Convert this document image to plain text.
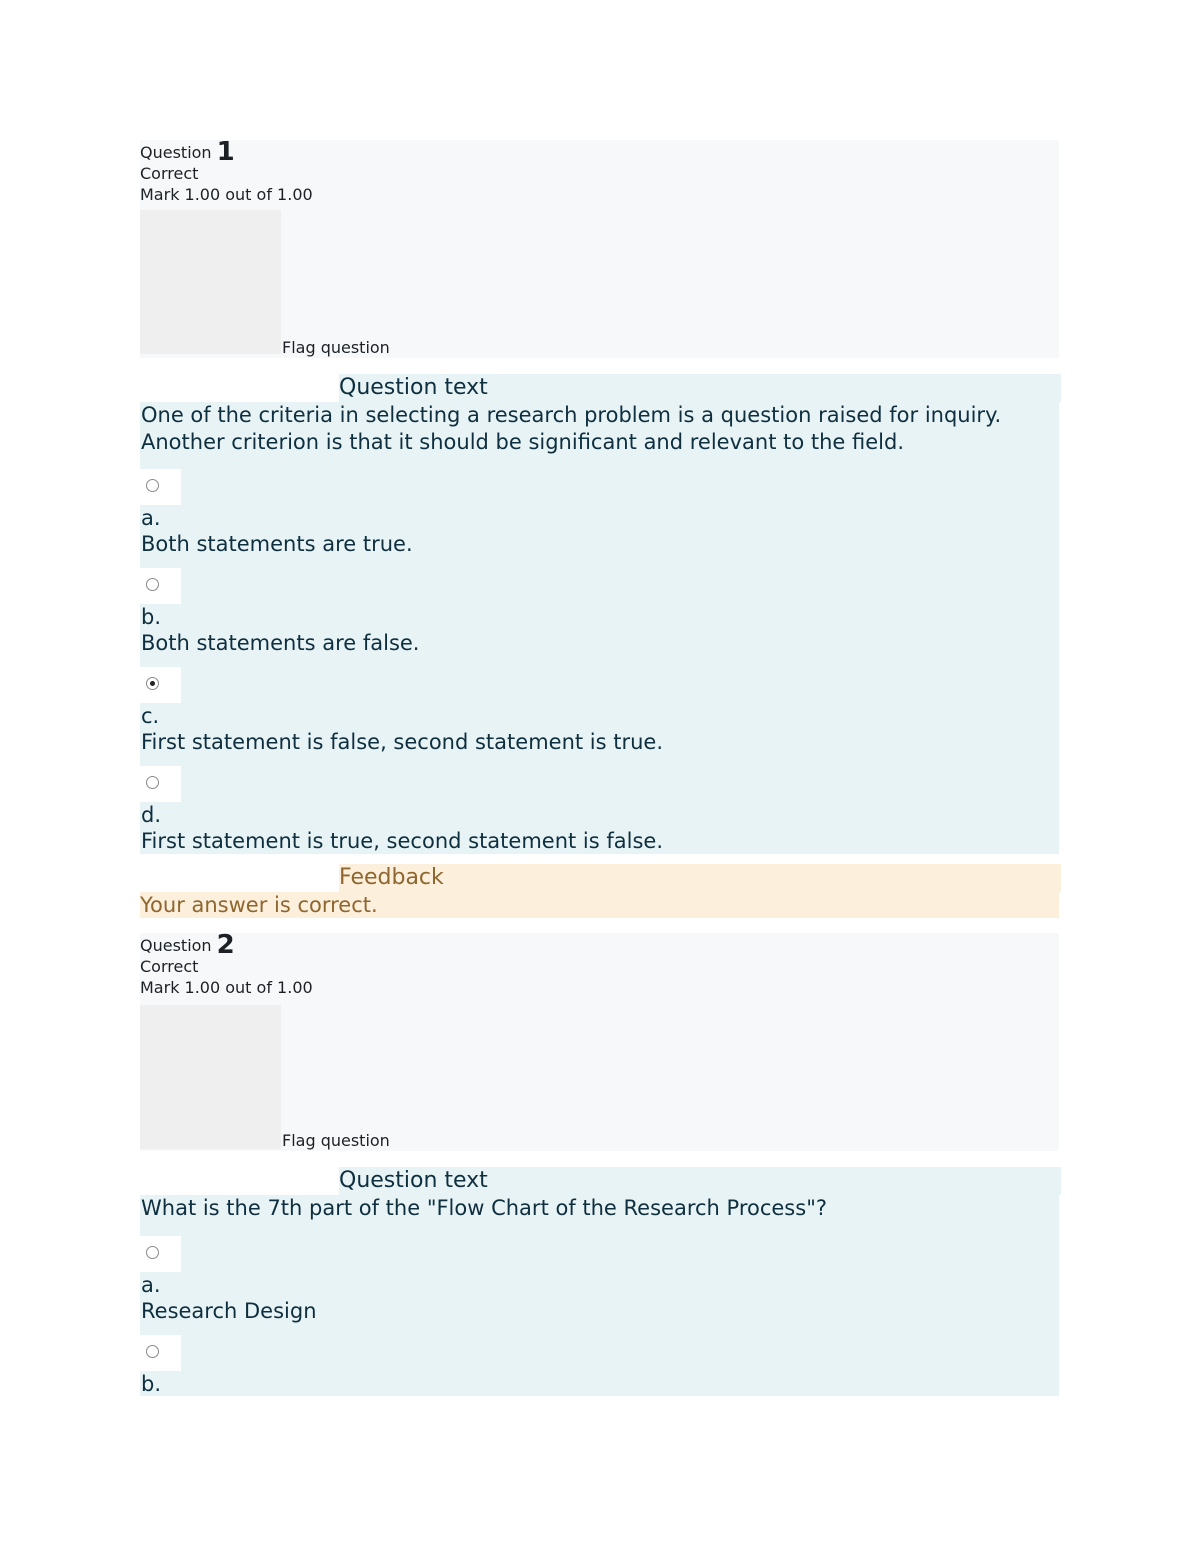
Question 1
Correct
Mark 1.00 out of 1.00
Flag question
Question text

One of the criteria in selecting a research problem is a question raised for inquiry. Another criterion is that it should be significant and relevant to the field.

a.
Both statements are true.
b.
Both statements are false.
c.
First statement is false, second statement is true.
d.
First statement is true, second statement is false.
Feedback
Your answer is correct.
Question 2
Correct
Mark 1.00 out of 1.00
Flag question
Question text

What is the 7th part of the "Flow Chart of the Research Process"?

a.
Research Design
b.
